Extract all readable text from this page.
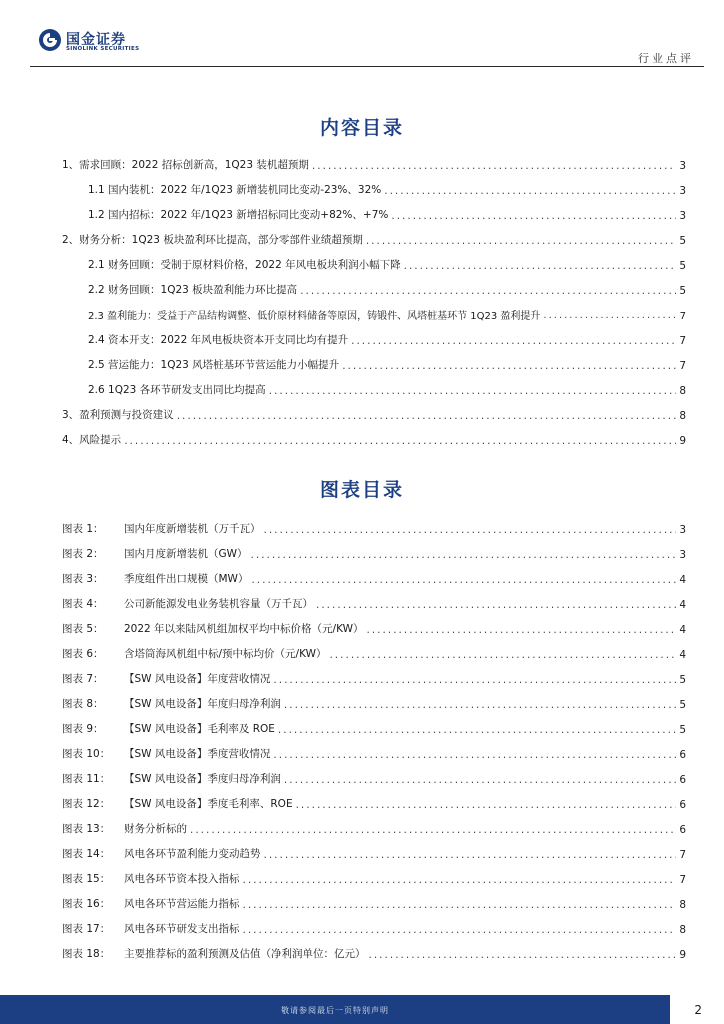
国金证券
SINOLINK SECURITIES
行业点评
内容目录
1、需求回顾：2022 招标创新高，1Q23 装机超预期 .....	3
1.1 国内装机：2022 年/1Q23 新增装机同比变动-23%、32% .....	3
1.2 国内招标：2022 年/1Q23 新增招标同比变动+82%、+7% .....	3
2、财务分析：1Q23 板块盈利环比提高，部分零部件业绩超预期 .....	5
2.1 财务回顾：受制于原材料价格，2022 年风电板块利润小幅下降 .....	5
2.2 财务回顾：1Q23 板块盈利能力环比提高 .....	5
2.3 盈利能力：受益于产品结构调整、低价原材料储备等原因，铸锻件、风塔桩基环节 1Q23 盈利提升 .....	7
2.4 资本开支：2022 年风电板块资本开支同比均有提升 .....	7
2.5 营运能力：1Q23 风塔桩基环节营运能力小幅提升 .....	7
2.6 1Q23 各环节研发支出同比均提高 .....	8
3、盈利预测与投资建议 .....	8
4、风险提示 .....	9
图表目录
图表 1： 国内年度新增装机（万千瓦） .....	3
图表 2： 国内月度新增装机（GW） .....	3
图表 3： 季度组件出口规模（MW） .....	4
图表 4： 公司新能源发电业务装机容量（万千瓦） .....	4
图表 5： 2022 年以来陆风机组加权平均中标价格（元/KW） .....	4
图表 6： 含塔筒海风机组中标/预中标均价（元/KW） .....	4
图表 7： 【SW 风电设备】年度营收情况 .....	5
图表 8： 【SW 风电设备】年度归母净利润 .....	5
图表 9： 【SW 风电设备】毛利率及 ROE .....	5
图表 10： 【SW 风电设备】季度营收情况 .....	6
图表 11： 【SW 风电设备】季度归母净利润 .....	6
图表 12： 【SW 风电设备】季度毛利率、ROE .....	6
图表 13： 财务分析标的 .....	6
图表 14： 风电各环节盈利能力变动趋势 .....	7
图表 15： 风电各环节资本投入指标 .....	7
图表 16： 风电各环节营运能力指标 .....	8
图表 17： 风电各环节研发支出指标 .....	8
图表 18： 主要推荐标的盈利预测及估值（净利润单位：亿元） .....	9
敬请参阅最后一页特别声明	2
